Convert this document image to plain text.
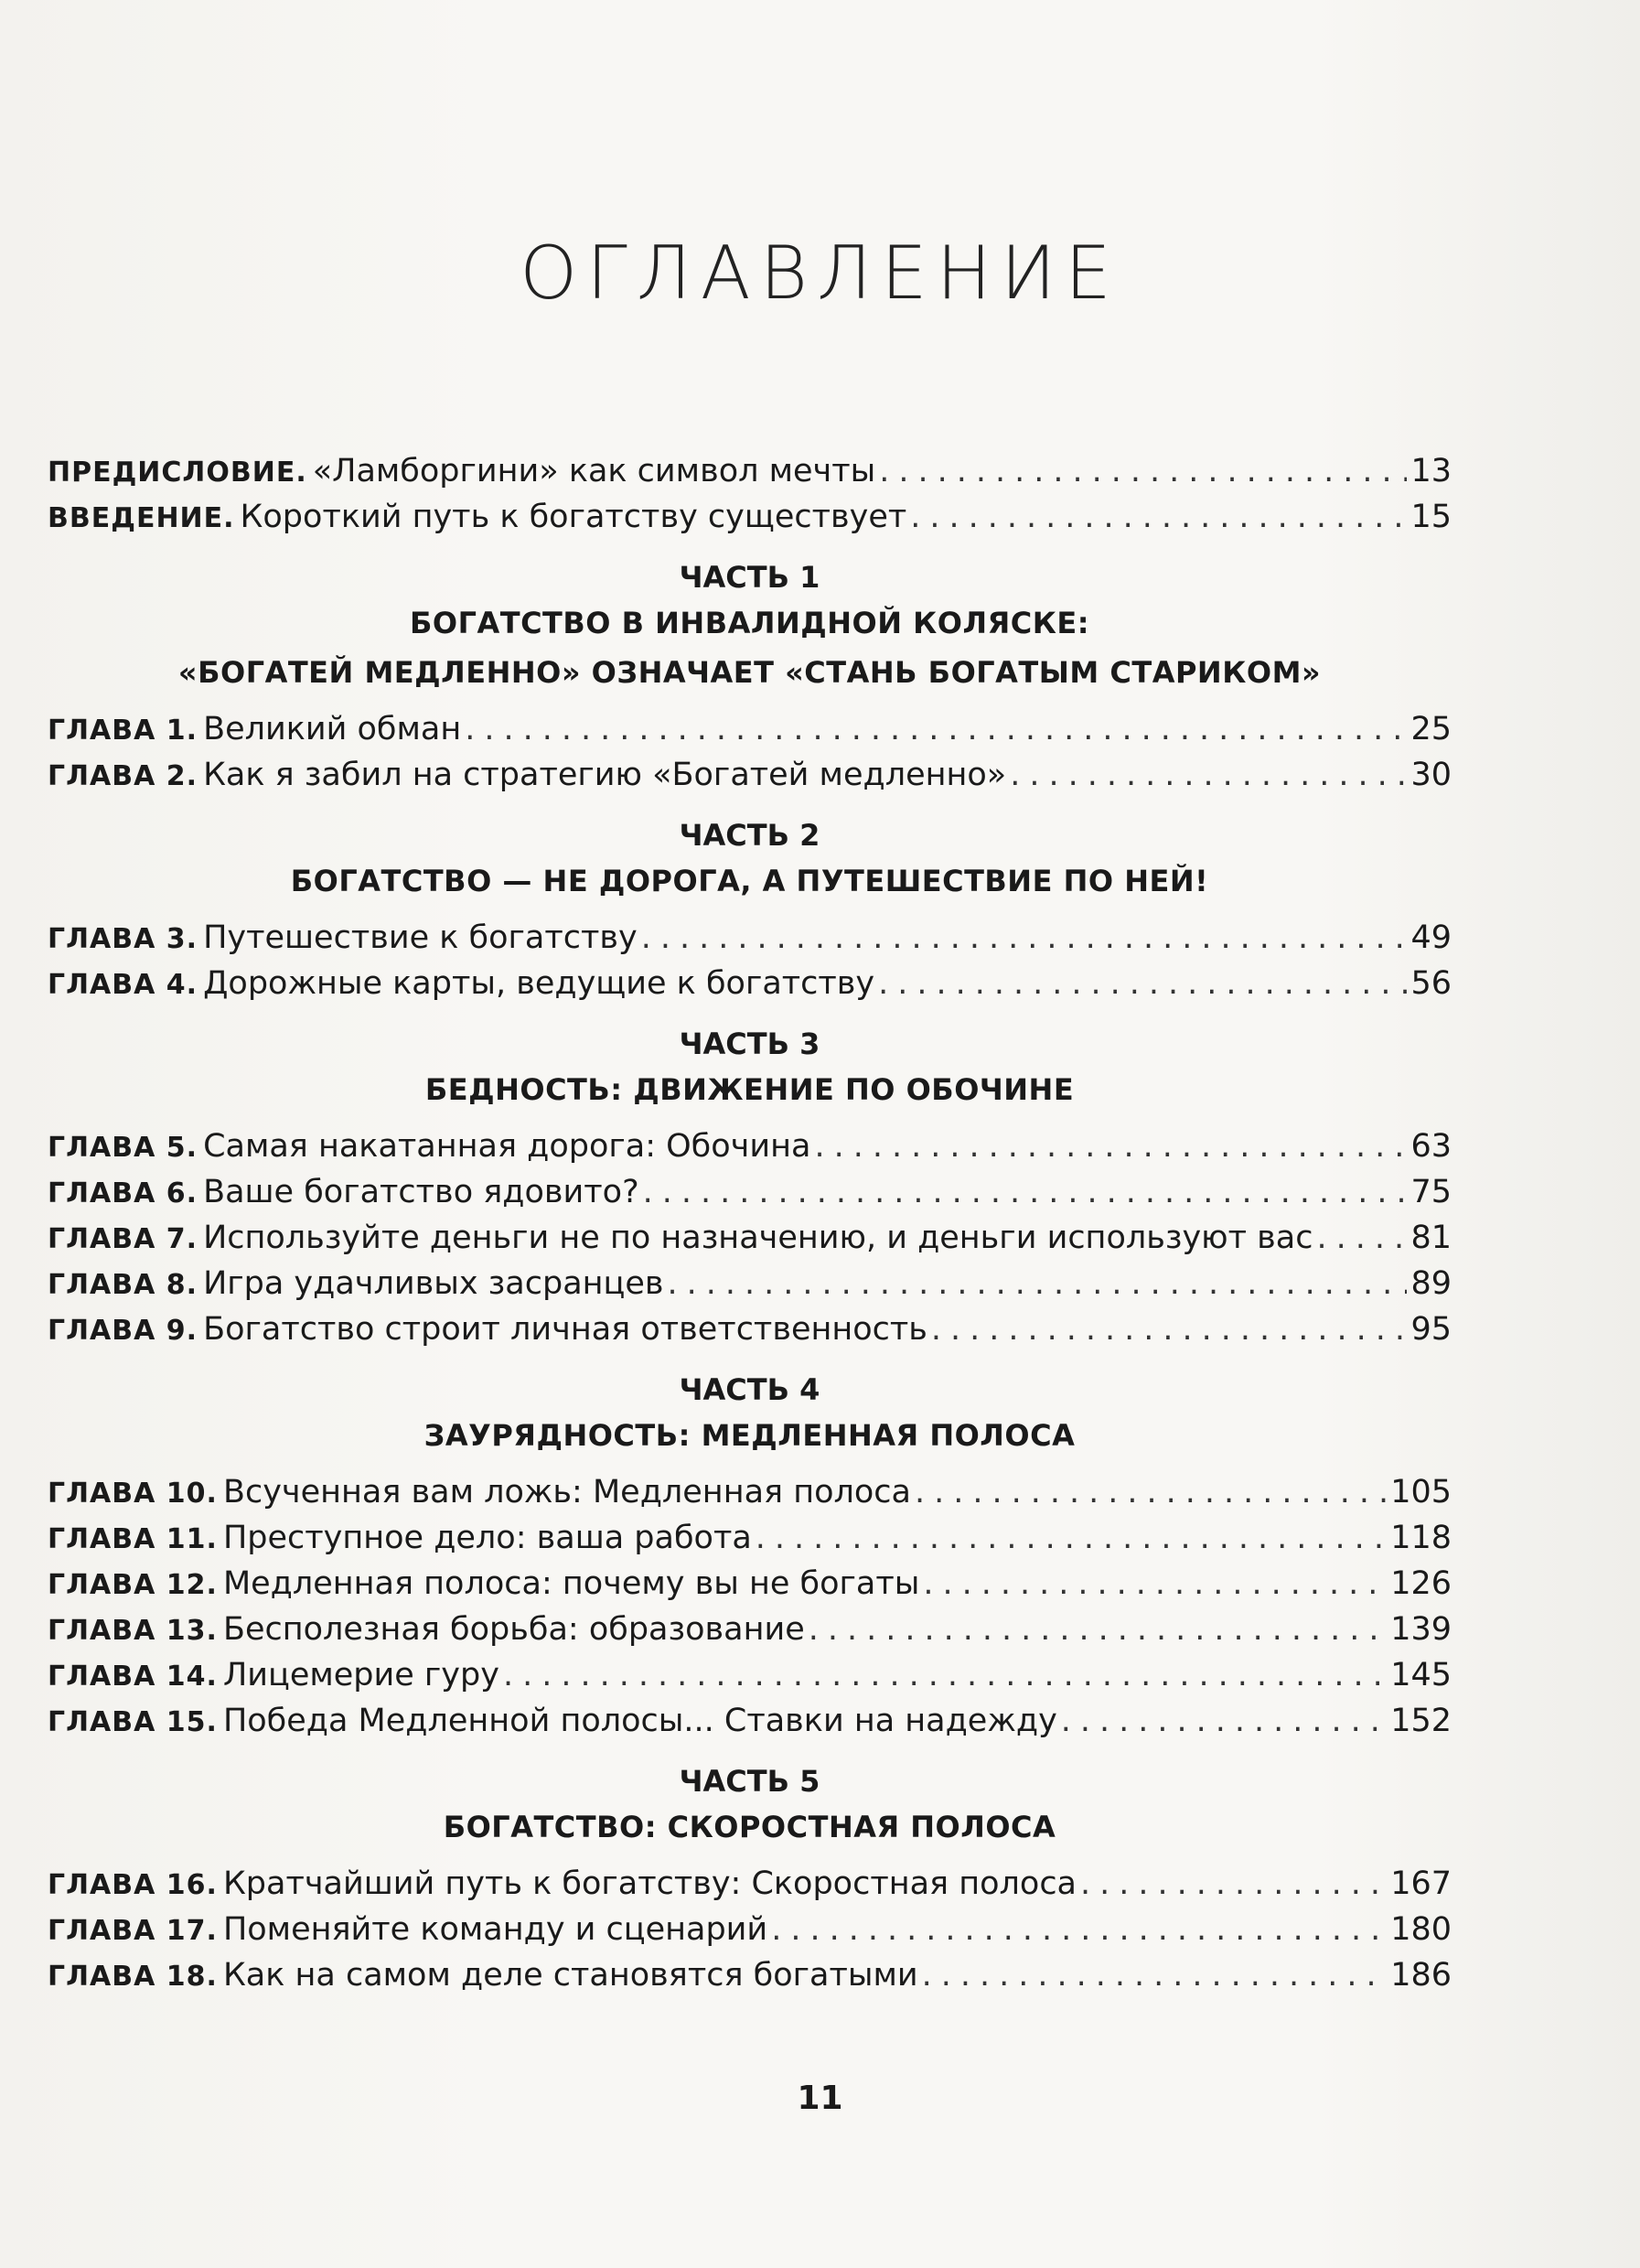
ОГЛАВЛЕНИЕ
ПРЕДИСЛОВИЕ. «Ламборгини» как символ мечты .....	13
ВВЕДЕНИЕ. Короткий путь к богатству существует .....	15
ЧАСТЬ 1
БОГАТСТВО В ИНВАЛИДНОЙ КОЛЯСКЕ:
«БОГАТЕЙ МЕДЛЕННО» ОЗНАЧАЕТ «СТАНЬ БОГАТЫМ СТАРИКОМ»
ГЛАВА 1. Великий обман .....	25
ГЛАВА 2. Как я забил на стратегию «Богатей медленно» .....	30
ЧАСТЬ 2
БОГАТСТВО — НЕ ДОРОГА, А ПУТЕШЕСТВИЕ ПО НЕЙ!
ГЛАВА 3. Путешествие к богатству .....	49
ГЛАВА 4. Дорожные карты, ведущие к богатству .....	56
ЧАСТЬ 3
БЕДНОСТЬ: ДВИЖЕНИЕ ПО ОБОЧИНЕ
ГЛАВА 5. Самая накатанная дорога: Обочина .....	63
ГЛАВА 6. Ваше богатство ядовито? .....	75
ГЛАВА 7. Используйте деньги не по назначению, и деньги используют вас .....	81
ГЛАВА 8. Игра удачливых засранцев .....	89
ГЛАВА 9. Богатство строит личная ответственность .....	95
ЧАСТЬ 4
ЗАУРЯДНОСТЬ: МЕДЛЕННАЯ ПОЛОСА
ГЛАВА 10. Всученная вам ложь: Медленная полоса .....	105
ГЛАВА 11. Преступное дело: ваша работа .....	118
ГЛАВА 12. Медленная полоса: почему вы не богаты .....	126
ГЛАВА 13. Бесполезная борьба: образование .....	139
ГЛАВА 14. Лицемерие гуру .....	145
ГЛАВА 15. Победа Медленной полосы... Ставки на надежду .....	152
ЧАСТЬ 5
БОГАТСТВО: СКОРОСТНАЯ ПОЛОСА
ГЛАВА 16. Кратчайший путь к богатству: Скоростная полоса .....	167
ГЛАВА 17. Поменяйте команду и сценарий .....	180
ГЛАВА 18. Как на самом деле становятся богатыми .....	186
11
